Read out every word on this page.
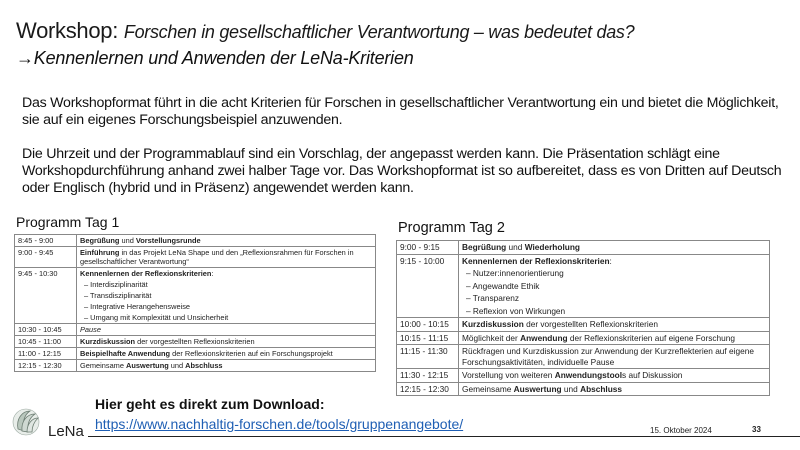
Workshop: Forschen in gesellschaftlicher Verantwortung – was bedeutet das?
→Kennenlernen und Anwenden der LeNa-Kriterien

Das Workshopformat führt in die acht Kriterien für Forschen in gesellschaftlicher Verantwortung ein und bietet die Möglichkeit, sie auf ein eigenes Forschungsbeispiel anzuwenden.

Die Uhrzeit und der Programmablauf sind ein Vorschlag, der angepasst werden kann. Die Präsentation schlägt eine Workshopdurchführung anhand zwei halber Tage vor. Das Workshopformat ist so aufbereitet, dass es von Dritten auf Deutsch oder Englisch (hybrid und in Präsenz) angewendet werden kann.

Programm Tag 1
8:45 - 9:00	Begrüßung und Vorstellungsrunde
9:00 - 9:45	Einführung in das Projekt LeNa Shape und den „Reflexionsrahmen für Forschen in gesellschaftlicher Verantwortung“
9:45 - 10:30	Kennenlernen der Reflexionskriterien:
– Interdisziplinarität
– Transdisziplinarität
– Integrative Herangehensweise
– Umgang mit Komplexität und Unsicherheit

10:30 - 10:45	Pause
10:45 - 11:00	Kurzdiskussion der vorgestellten Reflexionskriterien
11:00 - 12:15	Beispielhafte Anwendung der Reflexionskriterien auf ein Forschungsprojekt
12:15 - 12:30	Gemeinsame Auswertung und Abschluss
Programm Tag 2
9:00 - 9:15	Begrüßung und Wiederholung
9:15 - 10:00	Kennenlernen der Reflexionskriterien:
– Nutzer:innenorientierung
– Angewandte Ethik
– Transparenz
– Reflexion von Wirkungen

10:00 - 10:15	Kurzdiskussion der vorgestellten Reflexionskriterien
10:15 - 11:15	Möglichkeit der Anwendung der Reflexionskriterien auf eigene Forschung
11:15 - 11:30	Rückfragen und Kurzdiskussion zur Anwendung der Kurzreflekterien auf eigene Forschungsaktivitäten, individuelle Pause
11:30 - 12:15	Vorstellung von weiteren Anwendungstools auf Diskussion
12:15 - 12:30	Gemeinsame Auswertung und Abschluss
LeNa
Hier geht es direkt zum Download:
https://www.nachhaltig-forschen.de/tools/gruppenangebote/	15. Oktober 2024	33
